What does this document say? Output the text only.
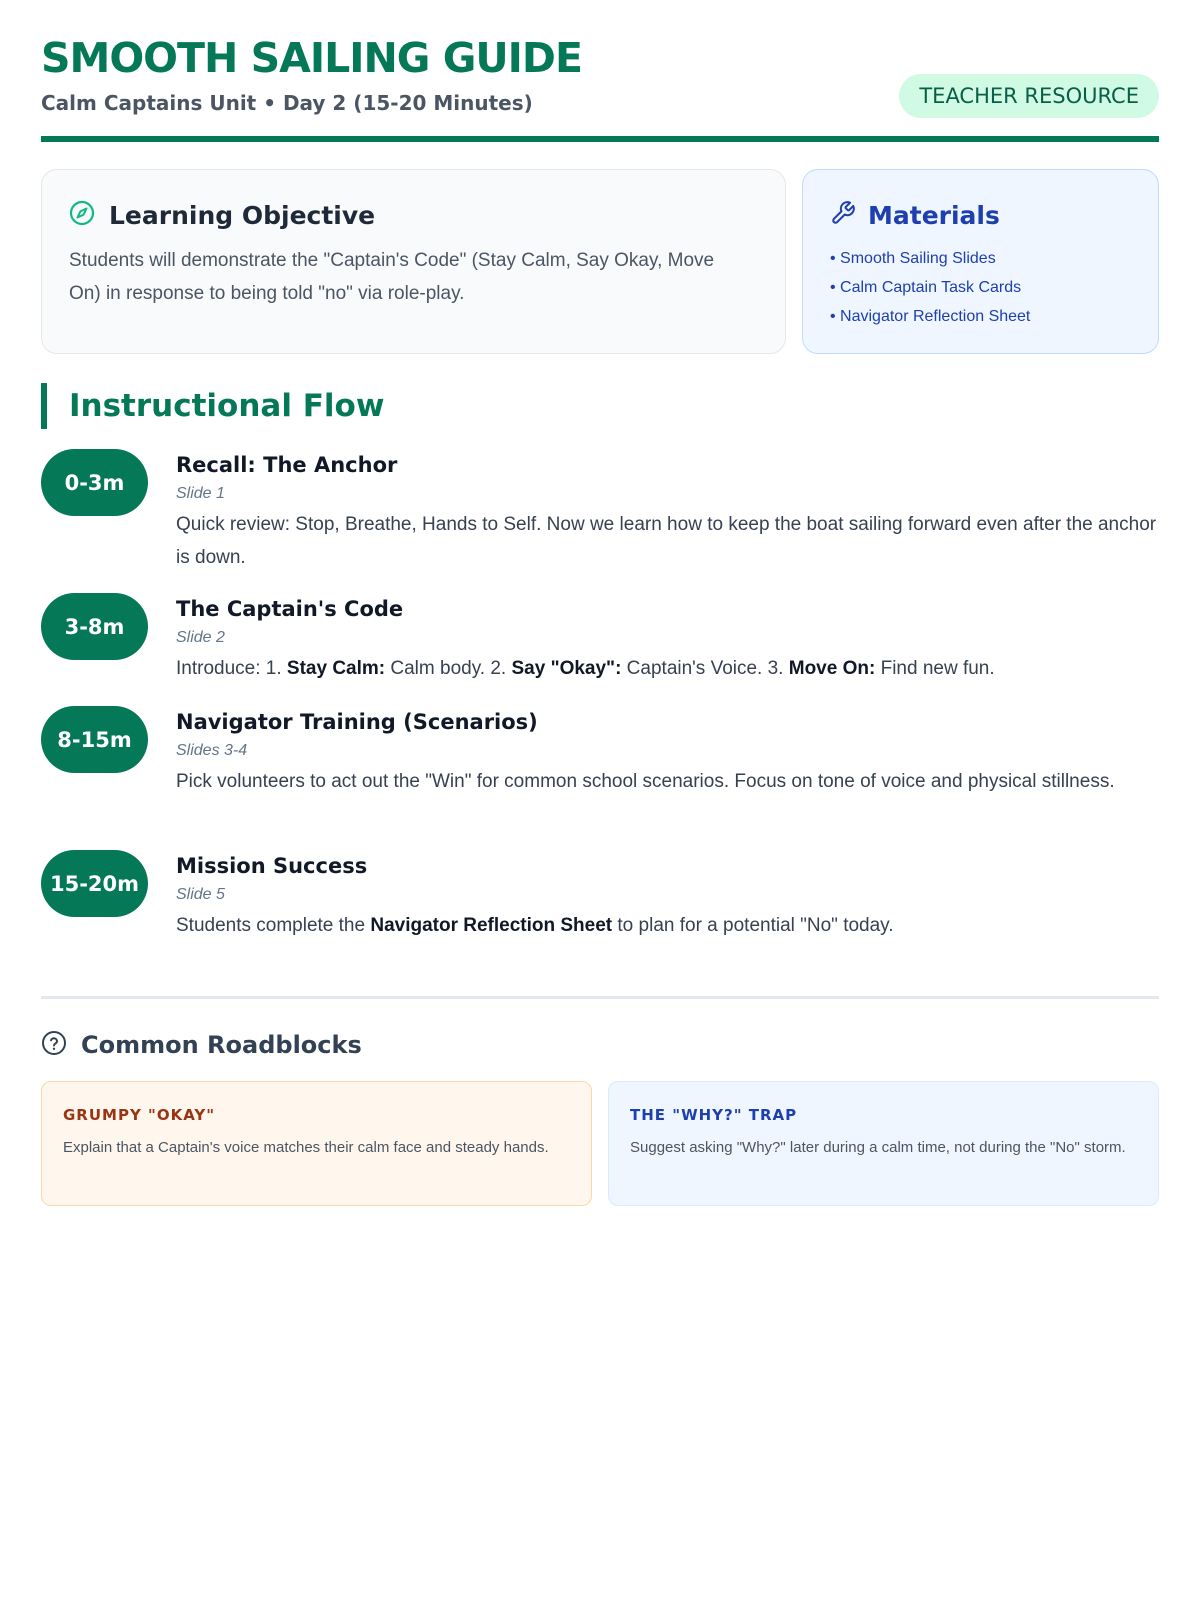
SMOOTH SAILING GUIDE
Calm Captains Unit • Day 2 (15-20 Minutes)	TEACHER RESOURCE
Learning Objective

Students will demonstrate the "Captain's Code" (Stay Calm, Say Okay, Move On) in response to being told "no" via role-play.

Materials
• Smooth Sailing Slides
• Calm Captain Task Cards
• Navigator Reflection Sheet
Instructional Flow
0-3m
Recall: The Anchor
Slide 1

Quick review: Stop, Breathe, Hands to Self. Now we learn how to keep the boat sailing forward even after the anchor is down.

3-8m
The Captain's Code
Slide 2

Introduce: 1. Stay Calm: Calm body. 2. Say "Okay": Captain's Voice. 3. Move On: Find new fun.

8-15m
Navigator Training (Scenarios)
Slides 3-4

Pick volunteers to act out the "Win" for common school scenarios. Focus on tone of voice and physical stillness.

15-20m
Mission Success
Slide 5

Students complete the Navigator Reflection Sheet to plan for a potential "No" today.

Common Roadblocks
GRUMPY "OKAY"

Explain that a Captain's voice matches their calm face and steady hands.

THE "WHY?" TRAP

Suggest asking "Why?" later during a calm time, not during the "No" storm.
